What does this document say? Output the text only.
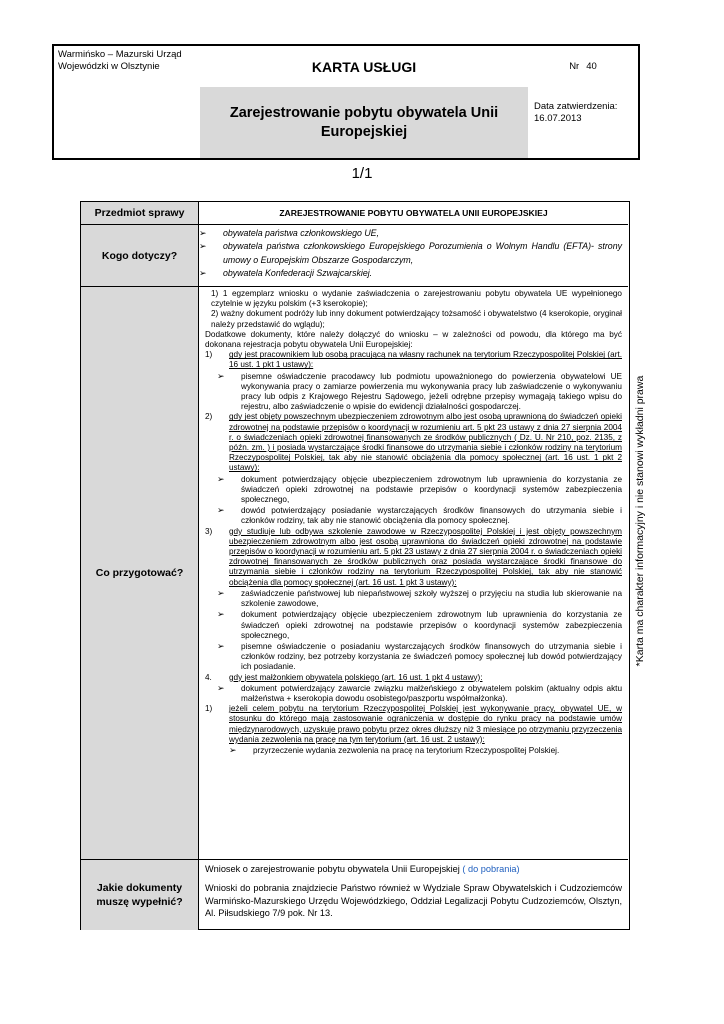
Warmińsko – Mazurski Urząd
Wojewódzki w Olsztynie	KARTA USŁUGI	Nr 40
Zarejestrowanie pobytu obywatela Unii Europejskiej
Data zatwierdzenia:
16.07.2013
1/1
Przedmiot sprawy	ZAREJESTROWANIE POBYTU OBYWATELA UNII EUROPEJSKIEJ
Kogo dotyczy?
➢ obywatela państwa członkowskiego UE,
➢ obywatela państwa członkowskiego Europejskiego Porozumienia o Wolnym Handlu (EFTA)- strony umowy o Europejskim Obszarze Gospodarczym,
➢ obywatela Konfederacji Szwajcarskiej.
Co przygotować?
1) 1 egzemplarz wniosku o wydanie zaświadczenia o zarejestrowaniu pobytu obywatela UE wypełnionego czytelnie w języku polskim (+3 kserokopie);
2) ważny dokument podróży lub inny dokument potwierdzający tożsamość i obywatelstwo (4 kserokopie, oryginał należy przedstawić do wglądu);
Dodatkowe dokumenty, które należy dołączyć do wniosku – w zależności od powodu, dla którego ma być dokonana rejestracja pobytu obywatela Unii Europejskiej:
1) gdy jest pracownikiem lub osobą pracującą na własny rachunek na terytorium Rzeczypospolitej Polskiej (art. 16 ust. 1 pkt 1 ustawy):
➢ pisemne oświadczenie pracodawcy lub podmiotu upoważnionego do powierzenia obywatelowi UE wykonywania pracy o zamiarze powierzenia mu wykonywania pracy lub zaświadczenie o wykonywaniu pracy lub odpis z Krajowego Rejestru Sądowego, jeżeli odrębne przepisy wymagają takiego wpisu do rejestru, albo zaświadczenie o wpisie do ewidencji działalności gospodarczej.
2) gdy jest objęty powszechnym ubezpieczeniem zdrowotnym albo jest osobą uprawnioną do świadczeń opieki zdrowotnej na podstawie przepisów o koordynacji w rozumieniu art. 5 pkt 23 ustawy z dnia 27 sierpnia 2004 r. o świadczeniach opieki zdrowotnej finansowanych ze środków publicznych ( Dz. U. Nr 210, poz. 2135, z późn. zm. ) i posiada wystarczające środki finansowe do utrzymania siebie i członków rodziny na terytorium Rzeczypospolitej Polskiej, tak aby nie stanowić obciążenia dla pomocy społecznej (art. 16 ust. 1 pkt 2 ustawy):
➢ dokument potwierdzający objęcie ubezpieczeniem zdrowotnym lub uprawnienia do korzystania ze świadczeń opieki zdrowotnej na podstawie przepisów o koordynacji systemów zabezpieczenia społecznego,
➢ dowód potwierdzający posiadanie wystarczających środków finansowych do utrzymania siebie i członków rodziny, tak aby nie stanowić obciążenia dla pomocy społecznej.
3) gdy studiuje lub odbywa szkolenie zawodowe w Rzeczypospolitej Polskiej i jest objęty powszechnym ubezpieczeniem zdrowotnym albo jest osobą uprawniona do świadczeń opieki zdrowotnej na podstawie przepisów o koordynacji w rozumieniu art. 5 pkt 23 ustawy z dnia 27 sierpnia 2004 r. o świadczeniach opieki zdrowotnej finansowanych ze środków publicznych oraz posiada wystarczające środki finansowe do utrzymania siebie i członków rodziny na terytorium Rzeczypospolitej Polskiej, tak aby nie stanowić obciążenia dla pomocy społecznej (art. 16 ust. 1 pkt 3 ustawy):
➢ zaświadczenie państwowej lub niepaństwowej szkoły wyższej o przyjęciu na studia lub skierowanie na szkolenie zawodowe,
➢ dokument potwierdzający objęcie ubezpieczeniem zdrowotnym lub uprawnienia do korzystania ze świadczeń opieki zdrowotnej na podstawie przepisów o koordynacji systemów zabezpieczenia społecznego,
➢ pisemne oświadczenie o posiadaniu wystarczających środków finansowych do utrzymania siebie i członków rodziny, bez potrzeby korzystania ze świadczeń pomocy społecznej lub dowód potwierdzający ich posiadanie.
4. gdy jest małżonkiem obywatela polskiego (art. 16 ust. 1 pkt 4 ustawy):
➢ dokument potwierdzający zawarcie związku małżeńskiego z obywatelem polskim (aktualny odpis aktu małżeństwa + kserokopia dowodu osobistego/paszportu współmałżonka).
1) jeżeli celem pobytu na terytorium Rzeczypospolitej Polskiej jest wykonywanie pracy, obywatel UE, w stosunku do którego mają zastosowanie ograniczenia w dostępie do rynku pracy na podstawie umów międzynarodowych, uzyskuje prawo pobytu przez okres dłuższy niż 3 miesiące po otrzymaniu przyrzeczenia wydania zezwolenia na pracę na tym terytorium (art. 16 ust. 2 ustawy):
➢ przyrzeczenie wydania zezwolenia na pracę na terytorium Rzeczypospolitej Polskiej.
Jakie dokumenty muszę wypełnić?
Wniosek o zarejestrowanie pobytu obywatela Unii Europejskiej ( do pobrania)
Wnioski do pobrania znajdziecie Państwo również w Wydziale Spraw Obywatelskich i Cudzoziemców Warmińsko-Mazurskiego Urzędu Wojewódzkiego, Oddział Legalizacji Pobytu Cudzoziemców, Olsztyn, Al. Piłsudskiego 7/9 pok. Nr 13.
*Karta ma charakter informacyjny i nie stanowi wykładni prawa
